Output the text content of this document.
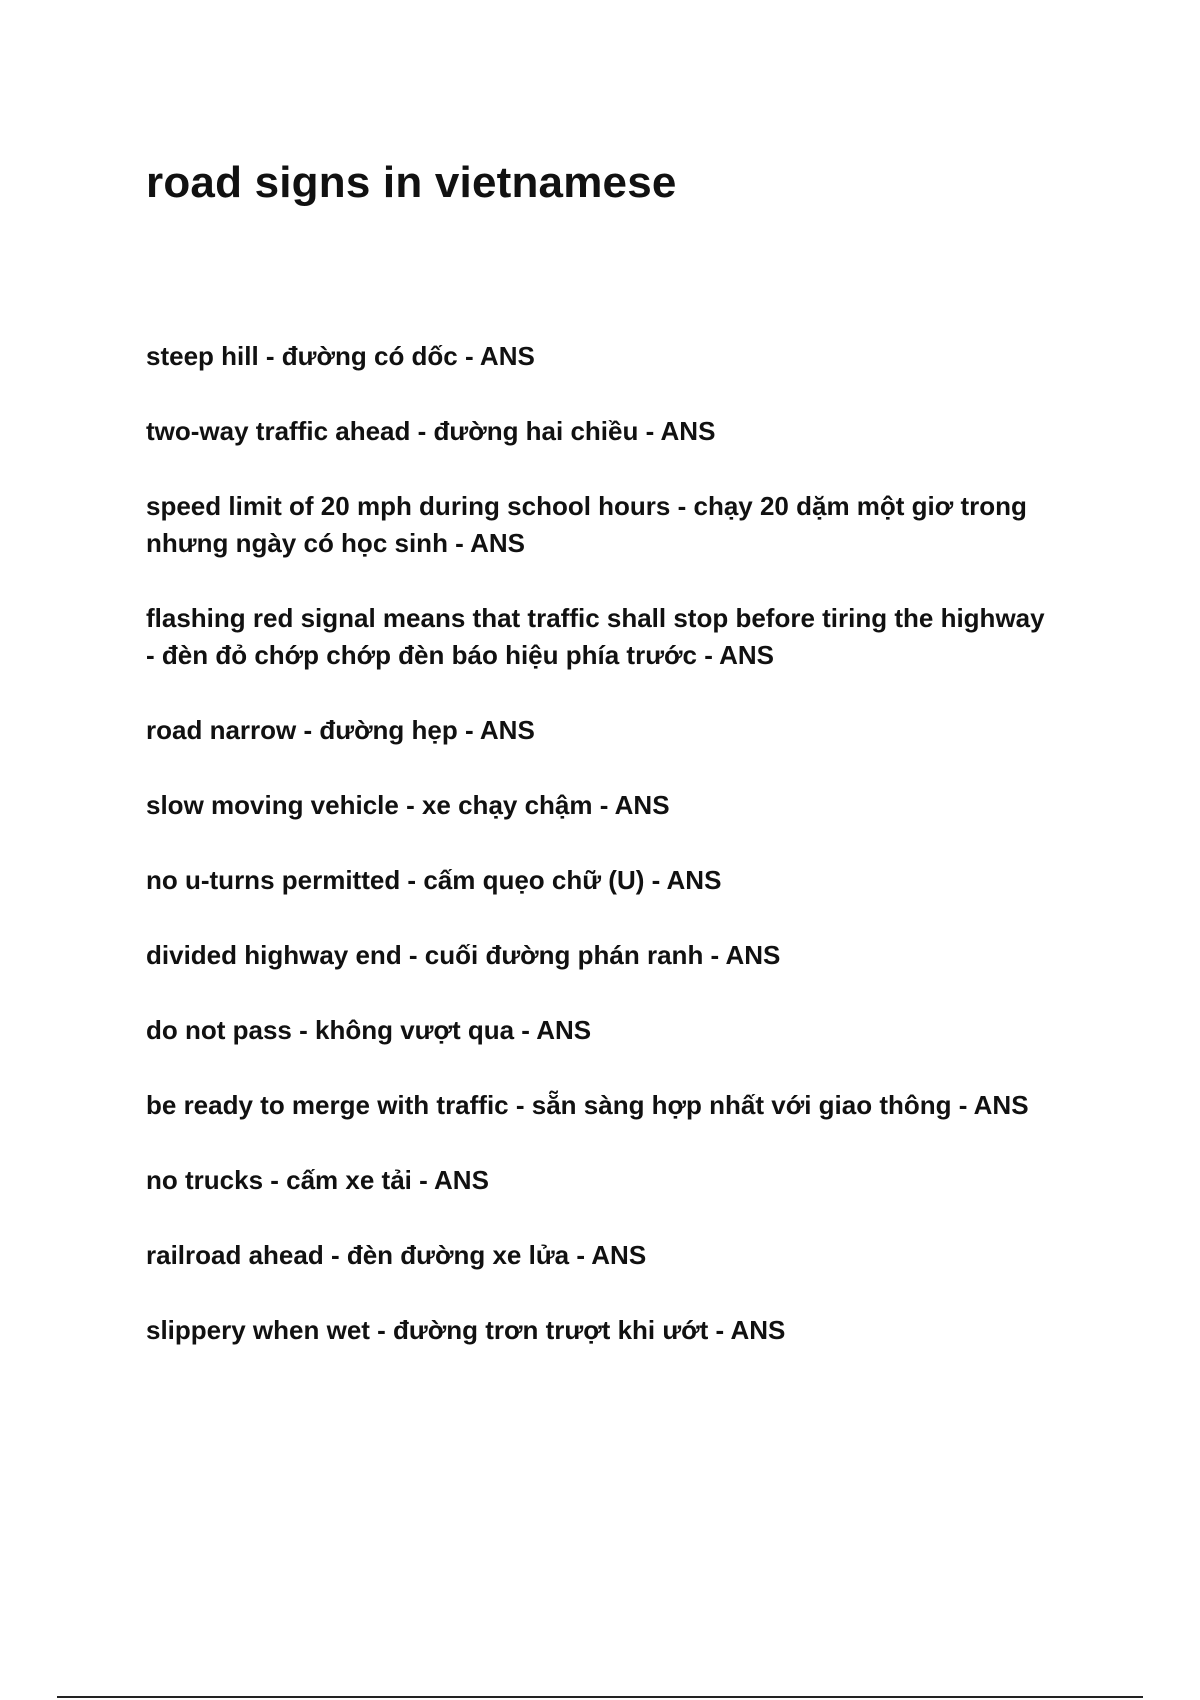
road signs in vietnamese
steep hill - đường có dốc - ANS
two-way traffic ahead - đường hai chiều - ANS
speed limit of 20 mph during school hours - chạy 20 dặm một giơ trong nhưng ngày có học sinh - ANS
flashing red signal means that traffic shall stop before tiring the highway - đèn đỏ chớp chớp đèn báo hiệu phía trước - ANS
road narrow - đường hẹp - ANS
slow moving vehicle - xe chạy chậm - ANS
no u-turns permitted - cấm quẹo chữ (U) - ANS
divided highway end - cuối đường phán ranh - ANS
do not pass - không vượt qua - ANS
be ready to merge with traffic - sẵn sàng hợp nhất với giao thông - ANS
no trucks - cấm xe tải - ANS
railroad ahead - đèn đường xe lửa - ANS
slippery when wet - đường trơn trượt khi ướt - ANS
